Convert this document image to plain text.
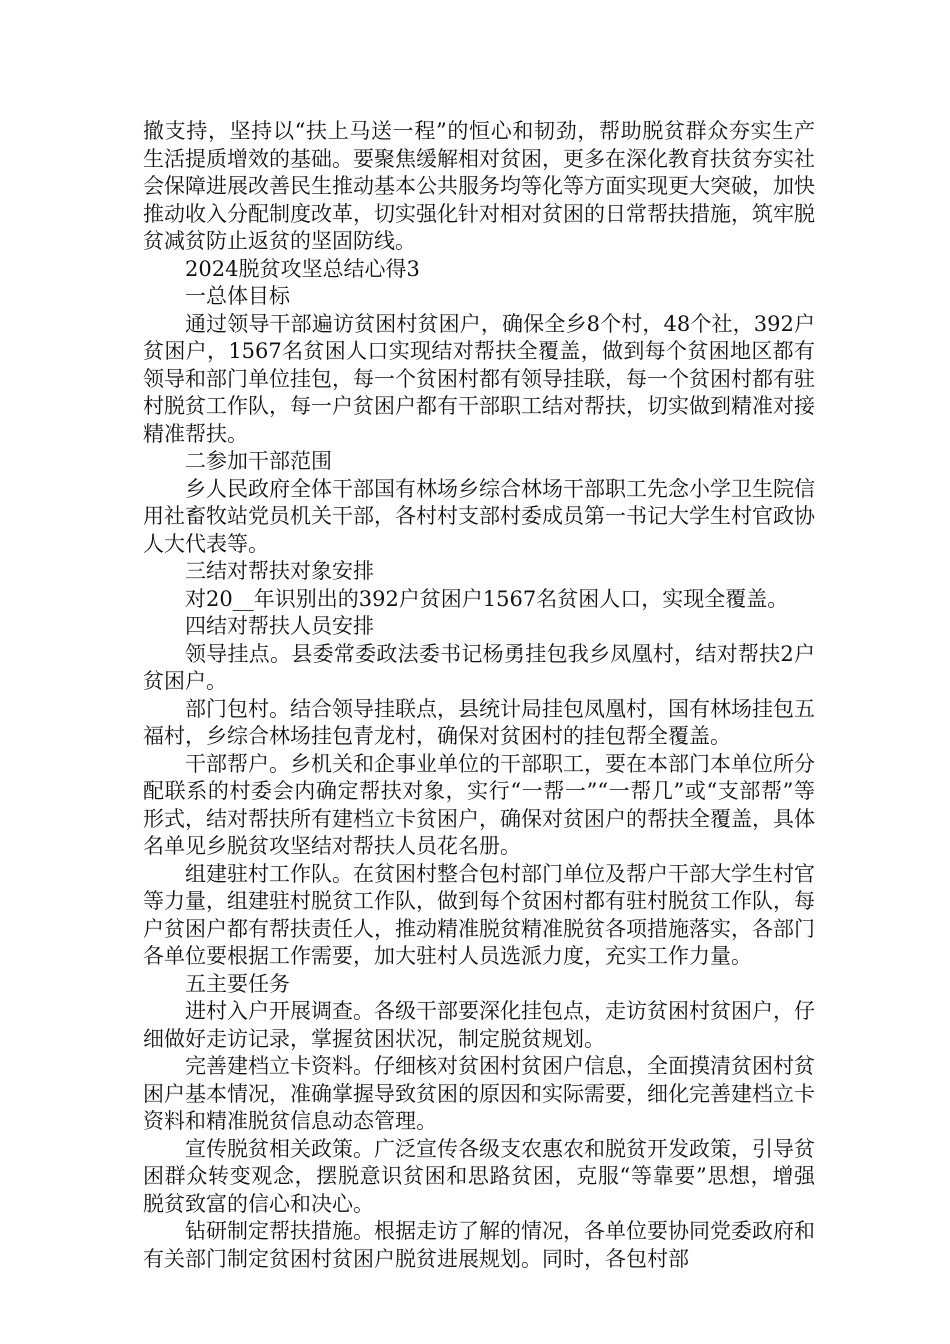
撤支持，坚持以“扶上马送一程”的恒心和韧劲，帮助脱贫群众夯实生产生活提质增效的基础。要聚焦缓解相对贫困，更多在深化教育扶贫夯实社会保障进展改善民生推动基本公共服务均等化等方面实现更大突破，加快推动收入分配制度改革，切实强化针对相对贫困的日常帮扶措施，筑牢脱贫减贫防止返贫的坚固防线。

2024脱贫攻坚总结心得3

一总体目标

通过领导干部遍访贫困村贫困户，确保全乡8个村，48个社，392户贫困户，1567名贫困人口实现结对帮扶全覆盖，做到每个贫困地区都有领导和部门单位挂包，每一个贫困村都有领导挂联，每一个贫困村都有驻村脱贫工作队，每一户贫困户都有干部职工结对帮扶，切实做到精准对接精准帮扶。

二参加干部范围

乡人民政府全体干部国有林场乡综合林场干部职工先念小学卫生院信用社畜牧站党员机关干部，各村村支部村委成员第一书记大学生村官政协人大代表等。

三结对帮扶对象安排

对20__年识别出的392户贫困户1567名贫困人口，实现全覆盖。

四结对帮扶人员安排

领导挂点。县委常委政法委书记杨勇挂包我乡凤凰村，结对帮扶2户贫困户。

部门包村。结合领导挂联点，县统计局挂包凤凰村，国有林场挂包五福村，乡综合林场挂包青龙村，确保对贫困村的挂包帮全覆盖。

干部帮户。乡机关和企事业单位的干部职工，要在本部门本单位所分配联系的村委会内确定帮扶对象，实行“一帮一”“一帮几”或“支部帮”等形式，结对帮扶所有建档立卡贫困户，确保对贫困户的帮扶全覆盖，具体名单见乡脱贫攻坚结对帮扶人员花名册。

组建驻村工作队。在贫困村整合包村部门单位及帮户干部大学生村官等力量，组建驻村脱贫工作队，做到每个贫困村都有驻村脱贫工作队，每户贫困户都有帮扶责任人，推动精准脱贫精准脱贫各项措施落实，各部门各单位要根据工作需要，加大驻村人员选派力度，充实工作力量。

五主要任务

进村入户开展调查。各级干部要深化挂包点，走访贫困村贫困户，仔细做好走访记录，掌握贫困状况，制定脱贫规划。

完善建档立卡资料。仔细核对贫困村贫困户信息，全面摸清贫困村贫困户基本情况，准确掌握导致贫困的原因和实际需要，细化完善建档立卡资料和精准脱贫信息动态管理。

宣传脱贫相关政策。广泛宣传各级支农惠农和脱贫开发政策，引导贫困群众转变观念，摆脱意识贫困和思路贫困，克服“等靠要”思想，增强脱贫致富的信心和决心。

钻研制定帮扶措施。根据走访了解的情况，各单位要协同党委政府和有关部门制定贫困村贫困户脱贫进展规划。同时，各包村部
